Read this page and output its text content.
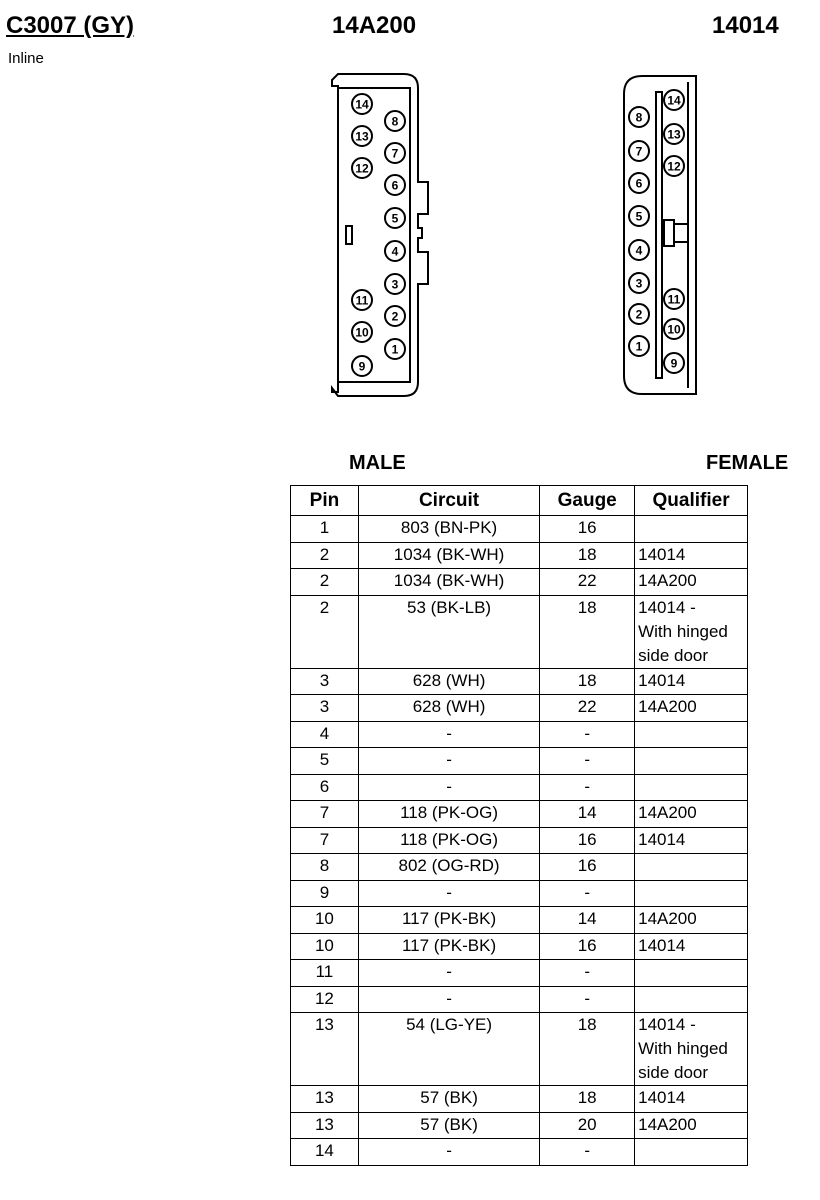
C3007 (GY)
Inline
14A200	14014
14
13
12
11
10
9
8
7
6
5
4
3
2
1
8
7
6
5
4
3
2
1
14
13
12
11
10
9
MALE	FEMALE
Pin	Circuit	Gauge	Qualifier
1	803 (BN-PK)	16	
2	1034 (BK-WH)	18	14014
2	1034 (BK-WH)	22	14A200
2	53 (BK-LB)	18	14014 -
With hinged
side door
3	628 (WH)	18	14014
3	628 (WH)	22	14A200
4	-	-	
5	-	-	
6	-	-	
7	118 (PK-OG)	14	14A200
7	118 (PK-OG)	16	14014
8	802 (OG-RD)	16	
9	-	-	
10	117 (PK-BK)	14	14A200
10	117 (PK-BK)	16	14014
11	-	-	
12	-	-	
13	54 (LG-YE)	18	14014 -
With hinged
side door
13	57 (BK)	18	14014
13	57 (BK)	20	14A200
14	-	-	
